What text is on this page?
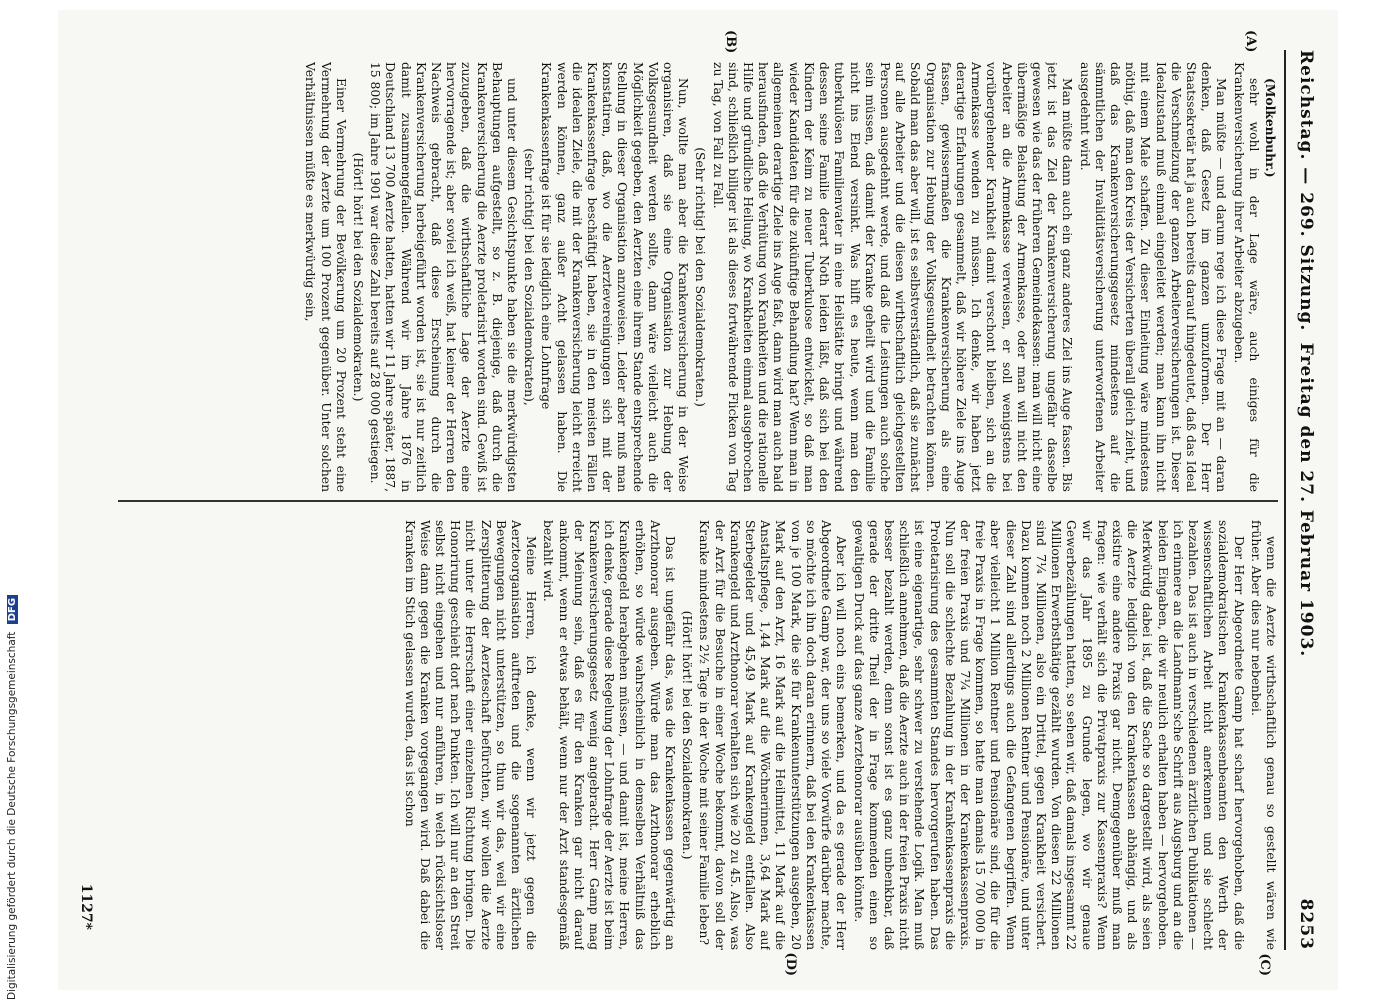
Reichstag. — 269. Sitzung.
Freitag den 27. Februar 1903.
8253
(A)
(B)
(C)
(D)

(Molkenbuhr.)

sehr wohl in der Lage wäre, auch einiges für die Krankenversicherung ihrer Arbeiter abzugeben.

Man müßte — und darum rege ich diese Frage mit an — daran denken, daß Gesetz im ganzen umzuformen. Der Herr Staatssekretär hat ja auch bereits darauf hingedeutet, daß das Ideal die Verschmelzung der ganzen Arbeiterversicherungen ist. Dieser Idealzustand muß einmal eingeleitet werden; man kann ihn nicht mit einem Male schaffen. Zu dieser Einleitung wäre mindestens nöthig, daß man den Kreis der Versicherten überall gleich zieht, und daß das Krankenversicherungsgesetz mindestens auf die sämmtlichen der Invaliditätsversicherung unterworfenen Arbeiter ausgedehnt wird.

Man müßte dann auch ein ganz anderes Ziel ins Auge fassen. Bis jetzt ist das Ziel der Krankenversicherung ungefähr dasselbe gewesen wie das der früheren Gemeindekassen: man will nicht eine übermäßige Belastung der Armenkasse, oder man will nicht den Arbeiter an die Armenkasse verweisen, er soll wenigstens bei vorübergehender Krankheit damit verschont bleiben, sich an die Armenkasse wenden zu müssen. Ich denke, wir haben jetzt derartige Erfahrungen gesammelt, daß wir höhere Ziele ins Auge fassen, gewissermaßen die Krankenversicherung als eine Organisation zur Hebung der Volksgesundheit betrachten können. Sobald man das aber will, ist es selbstverständlich, daß sie zunächst auf alle Arbeiter und die diesen wirthschaftlich gleichgestellten Personen ausgedehnt werde, und daß die Leistungen auch solche sein müssen, daß damit der Kranke geheilt wird und die Familie nicht ins Elend versinkt. Was hilft es heute, wenn man den tuberkulösen Familienvater in eine Heilstätte bringt und während dessen seine Familie derart Noth leiden läßt, daß sich bei den Kindern der Keim zu neuer Tuberkulose entwickelt, so daß man wieder Kandidaten für die zukünftige Behandlung hat? Wenn man in allgemeinen derartige Ziele ins Auge faßt, dann wird man auch bald herausfinden, daß die Verhütung von Krankheiten und die rationelle Hilfe und gründliche Heilung, wo Krankheiten einmal ausgebrochen sind, schließlich billiger ist als dieses fortwährende Flicken von Tag zu Tag, von Fall zu Fall.

(Sehr richtig! bei den Sozialdemokraten.)

Nun, wollte man aber die Krankenversicherung in der Weise organisiren, daß sie eine Organisation zur Hebung der Volksgesundheit werden sollte, dann wäre vielleicht auch die Möglichkeit gegeben, den Aerzten eine ihrem Stande entsprechende Stellung in dieser Organisation anzuweisen. Leider aber muß man konstatiren, daß, wo die Aerztevereinigungen sich mit der Krankenkassenfrage beschäftigt haben, sie in den meisten Fällen die idealen Ziele, die mit der Krankenversicherung leicht erreicht werden können, ganz außer Acht gelassen haben. Die Krankenkassenfrage ist für sie lediglich eine Lohnfrage

(sehr richtig! bei den Sozialdemokraten),

und unter diesem Gesichtspunkte haben sie die merkwürdigsten Behauptungen aufgestellt, so z. B. diejenige, daß durch die Krankenversicherung die Aerzte proletarisirt worden sind. Gewiß ist zuzugeben, daß die wirthschaftliche Lage der Aerzte eine hervorragende ist; aber soviel ich weiß, hat keiner der Herren den Nachweis gebracht, daß diese Erscheinung durch die Krankenversicherung herbeigeführt worden ist, sie ist nur zeitlich damit zusammengefallen. Während wir im Jahre 1876 in Deutschland 13 700 Aerzte hatten, hatten wir 11 Jahre später, 1887, 15 800; im Jahre 1901 war diese Zahl bereits auf 28 000 gestiegen.

(Hört! hört! bei den Sozialdemokraten.)

Einer Vermehrung der Bevölkerung um 20 Prozent steht eine Vermehrung der Aerzte um 100 Prozent gegenüber. Unter solchen Verhältnissen müßte es merkwürdig sein,

wenn die Aerzte wirthschaftlich genau so gestellt wären wie früher. Aber dies nur nebenbei.

Der Herr Abgeordnete Gamp hat scharf hervorgehoben, daß die sozialdemokratischen Krankenkassenbeamten den Werth der wissenschaftlichen Arbeit nicht anerkennen und sie schlecht bezahlen. Das ist auch in verschiedenen ärztlichen Publikationen — ich erinnere an die Landmann'sche Schrift aus Augsburg und an die beiden Eingaben, die wir neulich erhalten haben — hervorgehoben. Merkwürdig dabei ist, daß die Sache so dargestellt wird, als seien die Aerzte lediglich von den Krankenkassen abhängig, und als existire eine andere Praxis gar nicht. Demgegenüber muß man fragen: wie verhält sich die Privatpraxis zur Kassenpraxis? Wenn wir das Jahr 1895 zu Grunde legen, wo wir genaue Gewerbezählungen hatten, so sehen wir, daß damals insgesammt 22 Millionen Erwerbsthätige gezählt wurden. Von diesen 22 Millionen sind 7¼ Millionen, also ein Drittel, gegen Krankheit versichert. Dazu kommen noch 2 Millionen Rentner und Pensionäre, und unter dieser Zahl sind allerdings auch die Gefangenen begriffen. Wenn aber vielleicht 1 Million Rentner und Pensionäre sind, die für die freie Praxis in Frage kommen, so hatte man damals 15 700 000 in der freien Praxis und 7¼ Millionen in der Krankenkassenpraxis. Nun soll die schlechte Bezahlung in der Krankenkassenpraxis die Proletarisirung des gesammten Standes hervorgerufen haben. Das ist eine eigenartige, sehr schwer zu verstehende Logik. Man muß schließlich annehmen, daß die Aerzte auch in der freien Praxis nicht besser bezahlt werden, denn sonst ist es ganz unbenkbar, daß gerade der dritte Theil der in Frage kommenden einen so gewaltigen Druck auf das ganze Aerztehonorar ausüben könnte.

Aber ich will noch eins bemerken, und da es gerade der Herr Abgeordnete Gamp war, der uns so viele Vorwürfe darüber machte, so möchte ich ihn doch daran erinnern, daß bei den Krankenkassen von je 100 Mark, die sie für Krankenunterstützungen ausgeben, 20 Mark auf den Arzt, 16 Mark auf die Heilmittel, 11 Mark auf die Anstaltspflege, 1,44 Mark auf die Wöchnerinnen, 3,64 Mark auf Sterbegelder und 45,49 Mark auf Krankengeld entfallen. Also Krankengeld und Arzthonorar verhalten sich wie 20 zu 45. Also, was der Arzt für die Besuche in einer Woche bekommt, davon soll der Kranke mindestens 2½ Tage in der Woche mit seiner Familie leben?

(Hört! hört! bei den Sozialdemokraten.)

Das ist ungefähr das, was die Krankenkassen gegenwärtig an Arzthonorar ausgeben. Würde man das Arzthonorar erheblich erhöhen, so würde wahrscheinlich in demselben Verhältniß das Krankengeld herabgehen müssen, — und damit ist, meine Herren, ich denke, gerade diese Regelung der Lohnfrage der Aerzte ist beim Krankenversicherungsgesetz wenig angebracht. Herr Gamp mag der Meinung sein, daß es für den Kranken gar nicht darauf ankommt, wenn er etwas behält, wenn nur der Arzt standesgemäß bezahlt wird.

Meine Herren, ich denke, wenn wir jetzt gegen die Aerzteorganisation auftreten und die sogenannten ärztlichen Bewegungen nicht unterstützen, so thun wir das, weil wir eine Zersplitterung der Aerzteschaft befürchten, wir wollen die Aerzte nicht unter die Herrschaft einer einzelnen Richtung bringen. Die Honorirung geschieht dort nach Punkten. Ich will nur an den Streit selbst nicht eingehen und nur anführen, in welch rücksichtsloser Weise dann gegen die Kranken vorgegangen wird. Daß dabei die Kranken im Stich gelassen wurden, das ist schon

1127*
Digitalisierung gefördert durch die Deutsche Forschungsgemeinschaft DFG
